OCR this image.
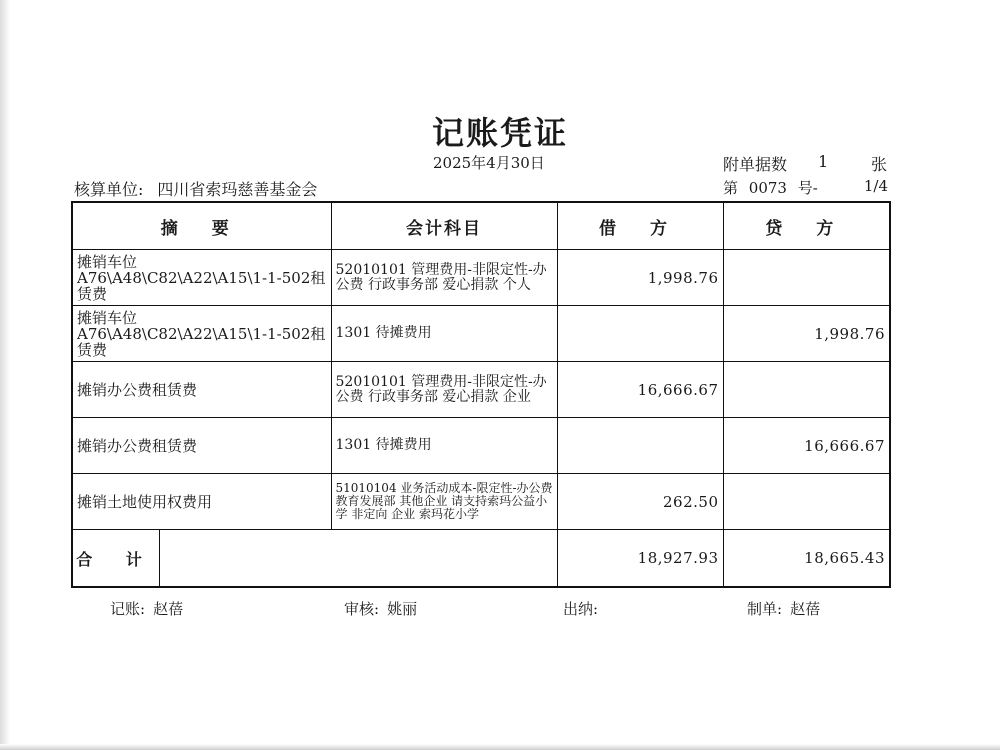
记账凭证
2025年4月30日	附单据数 1	张
核算单位: 四川省索玛慈善基金会	第 0073 号-	1/4
摘 要	会计科目	借 方	贷 方
摊销车位A76\A48\C82\A22\A15\1-1-502租赁费	52010101 管理费用-非限定性-办公费 行政事务部 爱心捐款 个人	1,998.76	
摊销车位A76\A48\C82\A22\A15\1-1-502租赁费	1301 待摊费用		1,998.76
摊销办公费租赁费	52010101 管理费用-非限定性-办公费 行政事务部 爱心捐款 企业	16,666.67	
摊销办公费租赁费	1301 待摊费用		16,666.67
摊销土地使用权费用	51010104 业务活动成本-限定性-办公费 教育发展部 其他企业 请支持索玛公益小学 非定向 企业 索玛花小学	262.50	

合 计		18,927.93	18,665.43
记账: 赵蓓	审核: 姚丽	出纳:	制单: 赵蓓
